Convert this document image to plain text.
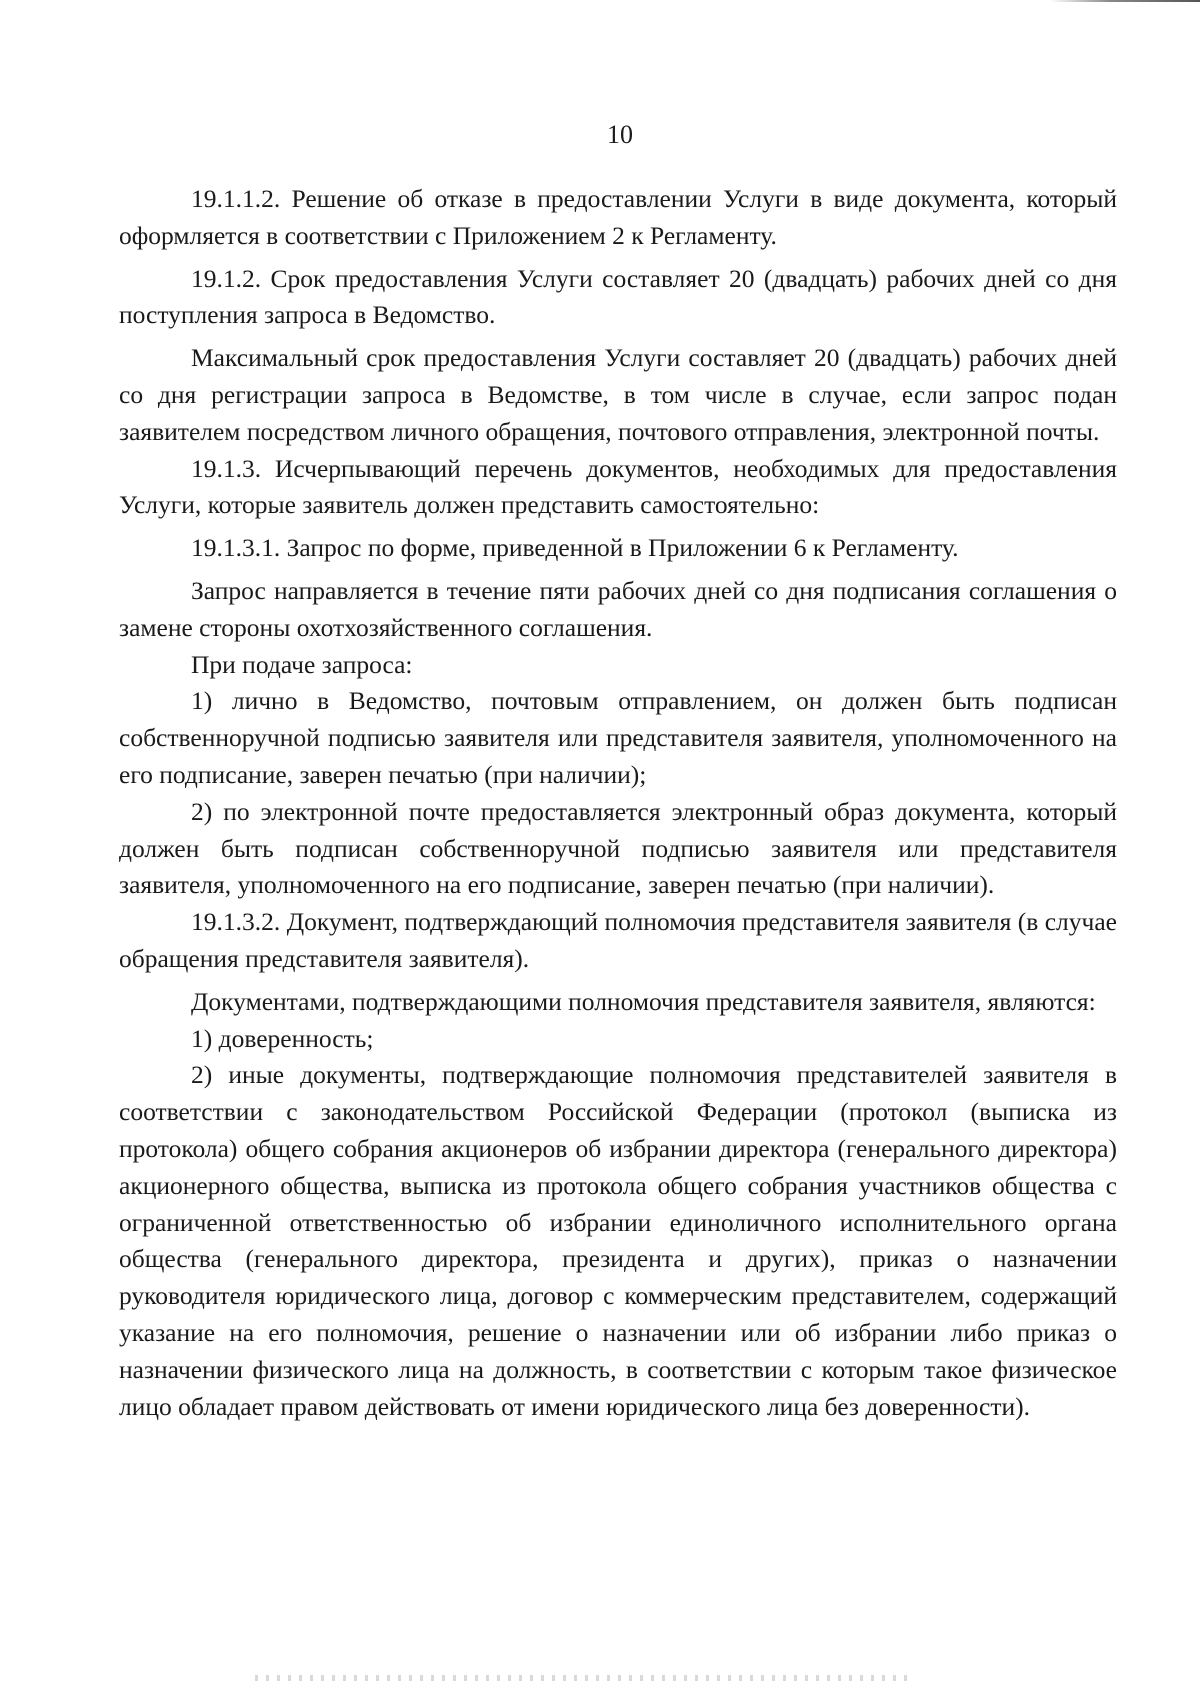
10

19.1.1.2. Решение об отказе в предоставлении Услуги в виде документа, который оформляется в соответствии с Приложением 2 к Регламенту.

19.1.2. Срок предоставления Услуги составляет 20 (двадцать) рабочих дней со дня поступления запроса в Ведомство.

Максимальный срок предоставления Услуги составляет 20 (двадцать) рабочих дней со дня регистрации запроса в Ведомстве, в том числе в случае, если запрос подан заявителем посредством личного обращения, почтового отправления, электронной почты.

19.1.3. Исчерпывающий перечень документов, необходимых для предоставления Услуги, которые заявитель должен представить самостоятельно:

19.1.3.1. Запрос по форме, приведенной в Приложении 6 к Регламенту.

Запрос направляется в течение пяти рабочих дней со дня подписания соглашения о замене стороны охотхозяйственного соглашения.

При подаче запроса:

1) лично в Ведомство, почтовым отправлением, он должен быть подписан собственноручной подписью заявителя или представителя заявителя, уполномоченного на его подписание, заверен печатью (при наличии);

2) по электронной почте предоставляется электронный образ документа, который должен быть подписан собственноручной подписью заявителя или представителя заявителя, уполномоченного на его подписание, заверен печатью (при наличии).

19.1.3.2. Документ, подтверждающий полномочия представителя заявителя (в случае обращения представителя заявителя).

Документами, подтверждающими полномочия представителя заявителя, являются:

1) доверенность;

2) иные документы, подтверждающие полномочия представителей заявителя в соответствии с законодательством Российской Федерации (протокол (выписка из протокола) общего собрания акционеров об избрании директора (генерального директора) акционерного общества, выписка из протокола общего собрания участников общества с ограниченной ответственностью об избрании единоличного исполнительного органа общества (генерального директора, президента и других), приказ о назначении руководителя юридического лица, договор с коммерческим представителем, содержащий указание на его полномочия, решение о назначении или об избрании либо приказ о назначении физического лица на должность, в соответствии с которым такое физическое лицо обладает правом действовать от имени юридического лица без доверенности).
